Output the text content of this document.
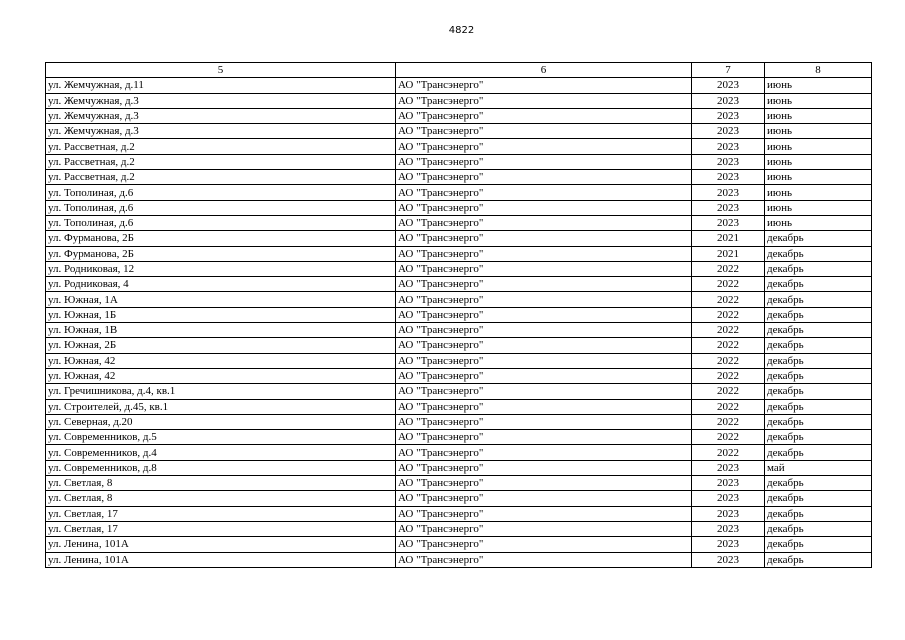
4822
5	6	7	8
ул. Жемчужная, д.11	АО "Трансэнерго"	2023	июнь
ул. Жемчужная, д.3	АО "Трансэнерго"	2023	июнь
ул. Жемчужная, д.3	АО "Трансэнерго"	2023	июнь
ул. Жемчужная, д.3	АО "Трансэнерго"	2023	июнь
ул. Рассветная, д.2	АО "Трансэнерго"	2023	июнь
ул. Рассветная, д.2	АО "Трансэнерго"	2023	июнь
ул. Рассветная, д.2	АО "Трансэнерго"	2023	июнь
ул. Тополиная, д.6	АО "Трансэнерго"	2023	июнь
ул. Тополиная, д.6	АО "Трансэнерго"	2023	июнь
ул. Тополиная, д.6	АО "Трансэнерго"	2023	июнь
ул. Фурманова, 2Б	АО "Трансэнерго"	2021	декабрь
ул. Фурманова, 2Б	АО "Трансэнерго"	2021	декабрь
ул. Родниковая, 12	АО "Трансэнерго"	2022	декабрь
ул. Родниковая, 4	АО "Трансэнерго"	2022	декабрь
ул. Южная, 1А	АО "Трансэнерго"	2022	декабрь
ул. Южная, 1Б	АО "Трансэнерго"	2022	декабрь
ул. Южная, 1В	АО "Трансэнерго"	2022	декабрь
ул. Южная, 2Б	АО "Трансэнерго"	2022	декабрь
ул. Южная, 42	АО "Трансэнерго"	2022	декабрь
ул. Южная, 42	АО "Трансэнерго"	2022	декабрь
ул. Гречишникова, д.4, кв.1	АО "Трансэнерго"	2022	декабрь
ул. Строителей, д.45, кв.1	АО "Трансэнерго"	2022	декабрь
ул. Северная, д.20	АО "Трансэнерго"	2022	декабрь
ул. Современников, д.5	АО "Трансэнерго"	2022	декабрь
ул. Современников, д.4	АО "Трансэнерго"	2022	декабрь
ул. Современников, д.8	АО "Трансэнерго"	2023	май
ул. Светлая, 8	АО "Трансэнерго"	2023	декабрь
ул. Светлая, 8	АО "Трансэнерго"	2023	декабрь
ул. Светлая, 17	АО "Трансэнерго"	2023	декабрь
ул. Светлая, 17	АО "Трансэнерго"	2023	декабрь
ул. Ленина, 101А	АО "Трансэнерго"	2023	декабрь
ул. Ленина, 101А	АО "Трансэнерго"	2023	декабрь
